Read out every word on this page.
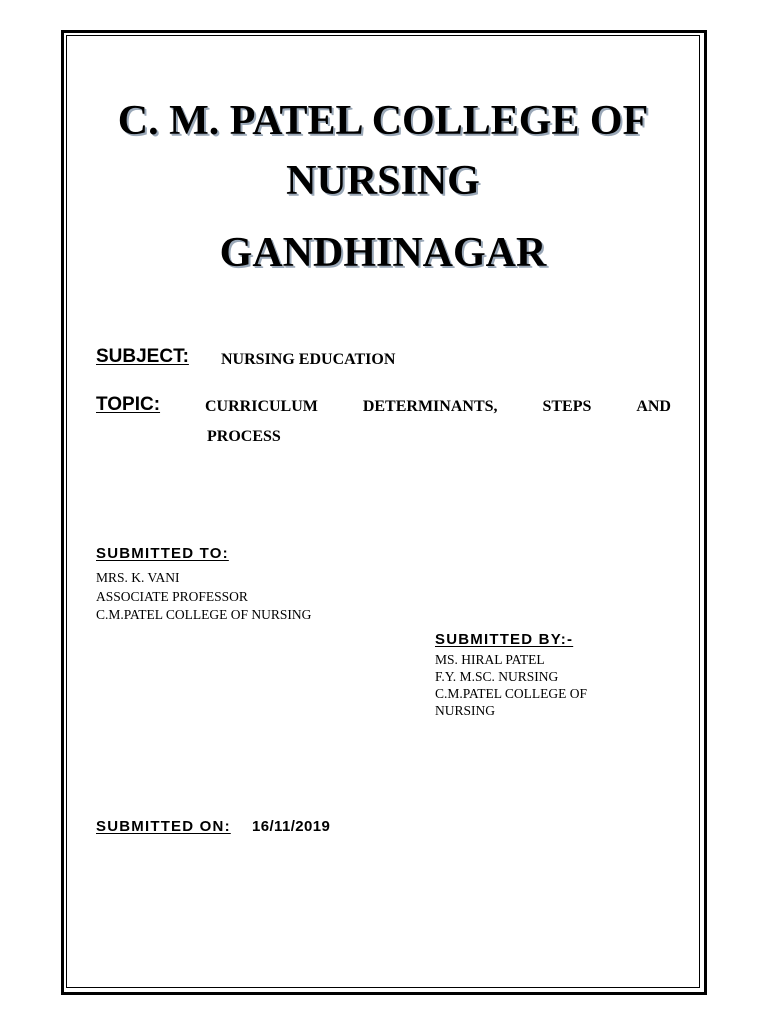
C. M. PATEL COLLEGE OF
NURSING
GANDHINAGAR
SUBJECT: NURSING EDUCATION
TOPIC:	CURRICULUM	DETERMINANTS,	STEPS	AND
PROCESS
SUBMITTED TO:
MRS. K. VANI
ASSOCIATE PROFESSOR
C.M.PATEL COLLEGE OF NURSING
SUBMITTED BY:-
MS. HIRAL PATEL
F.Y. M.SC. NURSING
C.M.PATEL COLLEGE OF
NURSING
SUBMITTED ON: 16/11/2019
